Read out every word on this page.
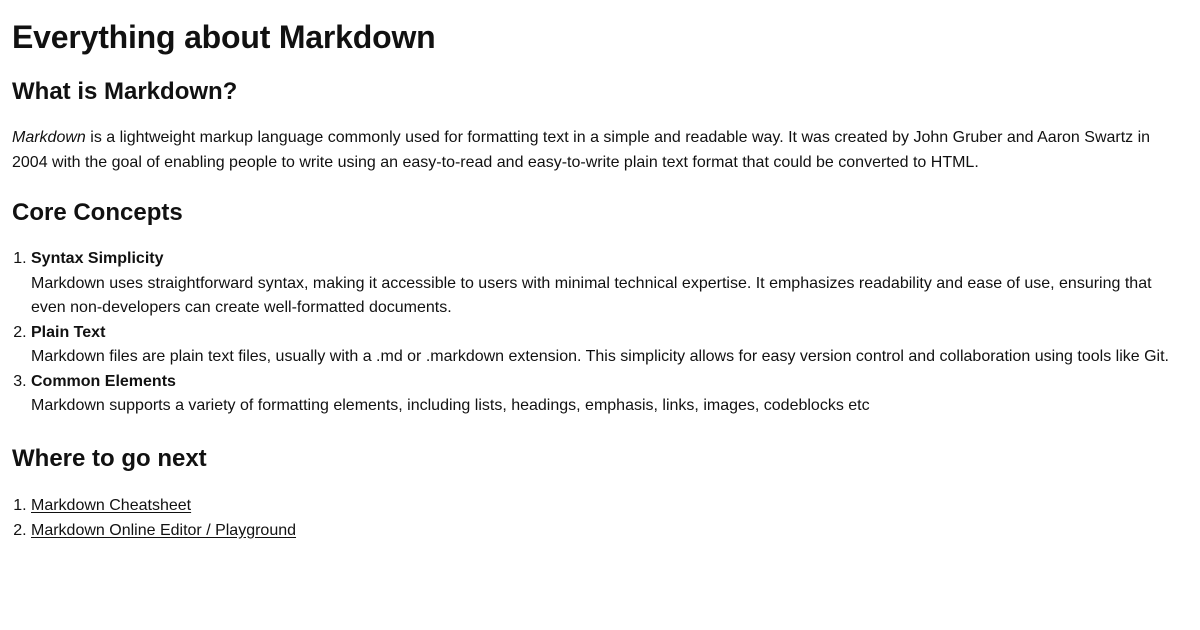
Everything about Markdown
What is Markdown?

Markdown is a lightweight markup language commonly used for formatting text in a simple and readable way. It was created by John Gruber and Aaron Swartz in 2004 with the goal of enabling people to write using an easy-to-read and easy-to-write plain text format that could be converted to HTML.

Core Concepts
1. Syntax Simplicity
Markdown uses straightforward syntax, making it accessible to users with minimal technical expertise. It emphasizes readability and ease of use, ensuring that even non-developers can create well-formatted documents.
2. Plain Text
Markdown files are plain text files, usually with a .md or .markdown extension. This simplicity allows for easy version control and collaboration using tools like Git.
3. Common Elements
Markdown supports a variety of formatting elements, including lists, headings, emphasis, links, images, codeblocks etc
Where to go next
1. Markdown Cheatsheet
2. Markdown Online Editor / Playground
